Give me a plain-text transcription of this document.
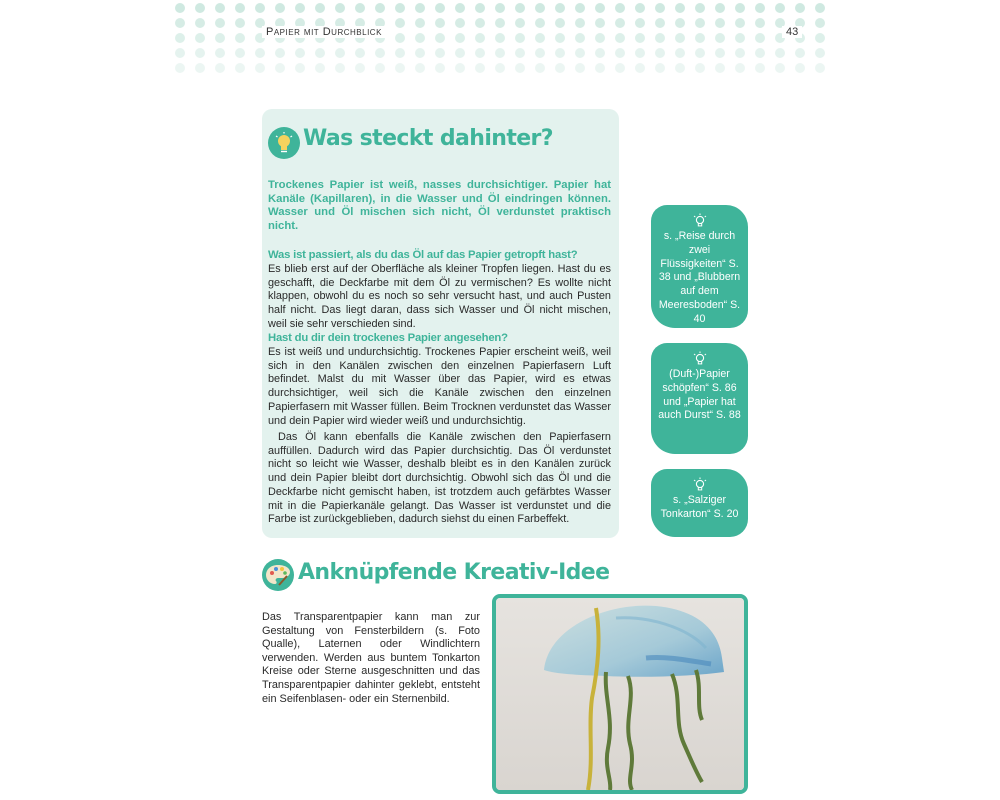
Papier mit Durchblick	43
Was steckt dahinter?
Trockenes Papier ist weiß, nasses durchsichtiger. Papier hat Kanäle (Kapillaren), in die Wasser und Öl eindringen können. Wasser und Öl mischen sich nicht, Öl verdunstet praktisch nicht.
Was ist passiert, als du das Öl auf das Papier getropft hast?
Es blieb erst auf der Oberfläche als kleiner Tropfen liegen. Hast du es geschafft, die Deckfarbe mit dem Öl zu vermischen? Es wollte nicht klappen, obwohl du es noch so sehr versucht hast, und auch Pusten half nicht. Das liegt daran, dass sich Wasser und Öl nicht mischen, weil sie sehr verschieden sind.
Hast du dir dein trockenes Papier angesehen?
Es ist weiß und undurchsichtig. Trockenes Papier erscheint weiß, weil sich in den Kanälen zwischen den einzelnen Papierfasern Luft befindet. Malst du mit Wasser über das Papier, wird es etwas durchsichtiger, weil sich die Kanäle zwischen den einzelnen Papierfasern mit Wasser füllen. Beim Trocknen verdunstet das Wasser und dein Papier wird wieder weiß und undurchsichtig.
Das Öl kann ebenfalls die Kanäle zwischen den Papierfasern auffüllen. Dadurch wird das Papier durchsichtig. Das Öl verdunstet nicht so leicht wie Wasser, deshalb bleibt es in den Kanälen zurück und dein Papier bleibt dort durchsichtig. Obwohl sich das Öl und die Deckfarbe nicht gemischt haben, ist trotzdem auch gefärbtes Wasser mit in die Papierkanäle gelangt. Das Wasser ist verdunstet und die Farbe ist zurückgeblieben, dadurch siehst du einen Farbeffekt.
s. „Reise durch zwei Flüssigkeiten“ S. 38 und „Blubbern auf dem Meeresboden“ S. 40
(Duft-)Papier schöpfen“ S. 86 und „Papier hat auch Durst“ S. 88
s. „Salziger Tonkarton“ S. 20
Anknüpfende Kreativ-Idee
Das Transparentpapier kann man zur Gestaltung von Fensterbildern (s. Foto Qualle), Laternen oder Windlichtern verwenden. Werden aus buntem Tonkarton Kreise oder Sterne ausgeschnitten und das Transparentpapier dahinter geklebt, entsteht ein Seifenblasen- oder ein Sternenbild.
